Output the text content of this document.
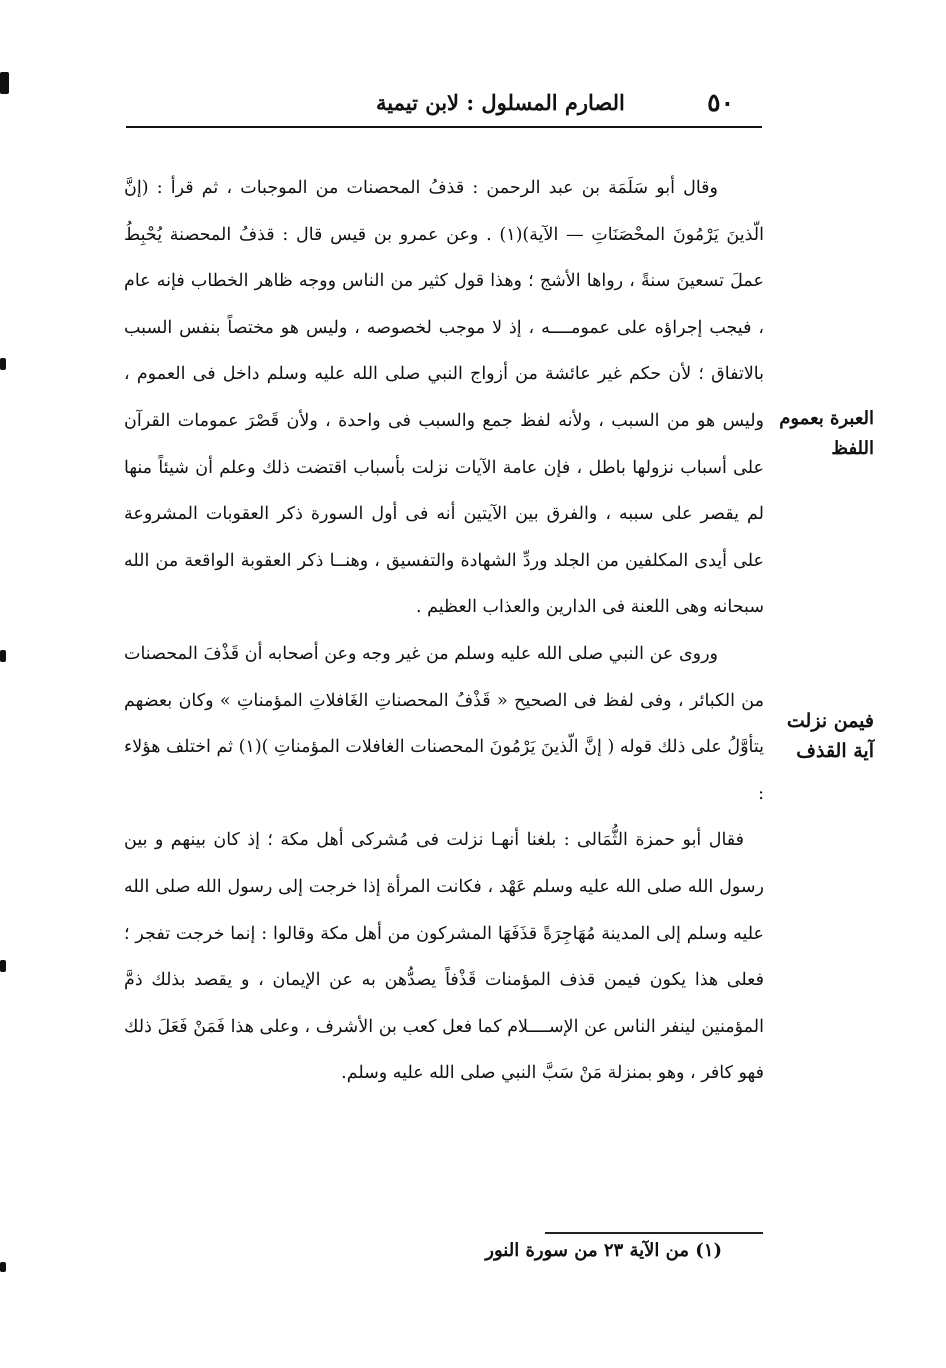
٥٠
الصارم المسلول : لابن تيمية
العبرة بعموم اللفظ
فيمن نزلت آية القذف

وقال أبو سَلَمَة بن عبد الرحمن : قذفُ المحصنات من الموجبات ، ثم قرأ : (إنَّ الّذينَ يَرْمُونَ المحْصَنَاتِ — الآية)(١) . وعن عمرو بن قيس قال : قذفُ المحصنة يُحْبِطُ عملَ تسعينَ سنةً ، رواها الأشج ؛ وهذا قول كثير من الناس ووجه ظاهر الخطاب فإنه عام ، فيجب إجراؤه على عمومــــه ، إذ لا موجب لخصوصه ، وليس هو مختصاً بنفس السبب بالاتفاق ؛ لأن حكم غير عائشة من أزواج النبي صلى الله عليه وسلم داخل فى العموم ، وليس هو من السبب ، ولأنه لفظ جمع والسبب فى واحدة ، ولأن قَصْرَ عمومات القرآن على أسباب نزولها باطل ، فإن عامة الآيات نزلت بأسباب اقتضت ذلك وعلم أن شيئاً منها لم يقصر على سببه ، والفرق بين الآيتين أنه فى أول السورة ذكر العقوبات المشروعة على أيدى المكلفين من الجلد وردِّ الشهادة والتفسيق ، وهنــا ذكر العقوبة الواقعة من الله سبحانه وهى اللعنة فى الدارين والعذاب العظيم .

وروى عن النبي صلى الله عليه وسلم من غير وجه وعن أصحابه أن قَذْفَ المحصنات من الكبائر ، وفى لفظ فى الصحيح « قَذْفُ المحصناتِ الغَافلاتِ المؤمناتِ » وكان بعضهم يتأوَّلُ على ذلك قوله ( إنَّ الّذينَ يَرْمُونَ المحصنات الغافلات المؤمناتِ )(١) ثم اختلف هؤلاء :

فقال أبو حمزة الثُّمَالى : بلغنا أنهـا نزلت فى مُشركى أهل مكة ؛ إذ كان بينهم و بين رسول الله صلى الله عليه وسلم عَهْد ، فكانت المرأة إذا خرجت إلى رسول الله صلى الله عليه وسلم إلى المدينة مُهَاجِرَةً قذَفَهَا المشركون من أهل مكة وقالوا : إنما خرجت تفجر ؛ فعلى هذا يكون فيمن قذف المؤمنات قَذْفاً يصدُّهن به عن الإيمان ، و يقصد بذلك ذمَّ المؤمنين لينفر الناس عن الإســــلام كما فعل كعب بن الأشرف ، وعلى هذا فَمَنْ فَعَلَ ذلك فهو كافر ، وهو بمنزلة مَنْ سَبَّ النبي صلى الله عليه وسلم.

(١) من الآية ٢٣ من سورة النور
